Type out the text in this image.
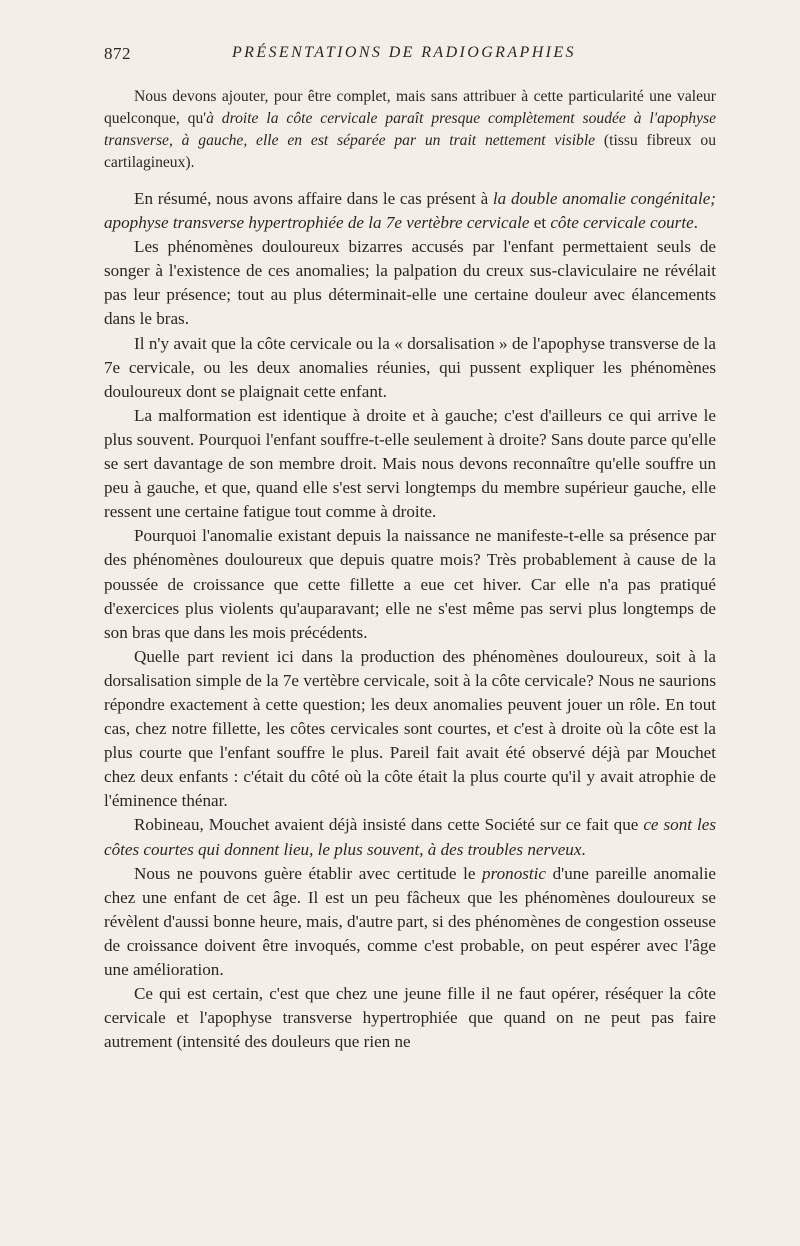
872	PRÉSENTATIONS DE RADIOGRAPHIES

Nous devons ajouter, pour être complet, mais sans attribuer à cette particularité une valeur quelconque, qu'à droite la côte cervicale paraît presque complètement soudée à l'apophyse transverse, à gauche, elle en est séparée par un trait nettement visible (tissu fibreux ou cartilagineux).

En résumé, nous avons affaire dans le cas présent à la double anomalie congénitale; apophyse transverse hypertrophiée de la 7e vertèbre cervicale et côte cervicale courte.

Les phénomènes douloureux bizarres accusés par l'enfant permettaient seuls de songer à l'existence de ces anomalies; la palpation du creux sus-claviculaire ne révélait pas leur présence; tout au plus déterminait-elle une certaine douleur avec élancements dans le bras.

Il n'y avait que la côte cervicale ou la « dorsalisation » de l'apophyse transverse de la 7e cervicale, ou les deux anomalies réunies, qui pussent expliquer les phénomènes douloureux dont se plaignait cette enfant.

La malformation est identique à droite et à gauche; c'est d'ailleurs ce qui arrive le plus souvent. Pourquoi l'enfant souffre-t-elle seulement à droite? Sans doute parce qu'elle se sert davantage de son membre droit. Mais nous devons reconnaître qu'elle souffre un peu à gauche, et que, quand elle s'est servi longtemps du membre supérieur gauche, elle ressent une certaine fatigue tout comme à droite.

Pourquoi l'anomalie existant depuis la naissance ne manifeste-t-elle sa présence par des phénomènes douloureux que depuis quatre mois? Très probablement à cause de la poussée de croissance que cette fillette a eue cet hiver. Car elle n'a pas pratiqué d'exercices plus violents qu'auparavant; elle ne s'est même pas servi plus longtemps de son bras que dans les mois précédents.

Quelle part revient ici dans la production des phénomènes douloureux, soit à la dorsalisation simple de la 7e vertèbre cervicale, soit à la côte cervicale? Nous ne saurions répondre exactement à cette question; les deux anomalies peuvent jouer un rôle. En tout cas, chez notre fillette, les côtes cervicales sont courtes, et c'est à droite où la côte est la plus courte que l'enfant souffre le plus. Pareil fait avait été observé déjà par Mouchet chez deux enfants : c'était du côté où la côte était la plus courte qu'il y avait atrophie de l'éminence thénar.

Robineau, Mouchet avaient déjà insisté dans cette Société sur ce fait que ce sont les côtes courtes qui donnent lieu, le plus souvent, à des troubles nerveux.

Nous ne pouvons guère établir avec certitude le pronostic d'une pareille anomalie chez une enfant de cet âge. Il est un peu fâcheux que les phénomènes douloureux se révèlent d'aussi bonne heure, mais, d'autre part, si des phénomènes de congestion osseuse de croissance doivent être invoqués, comme c'est probable, on peut espérer avec l'âge une amélioration.

Ce qui est certain, c'est que chez une jeune fille il ne faut opérer, réséquer la côte cervicale et l'apophyse transverse hypertrophiée que quand on ne peut pas faire autrement (intensité des douleurs que rien ne
